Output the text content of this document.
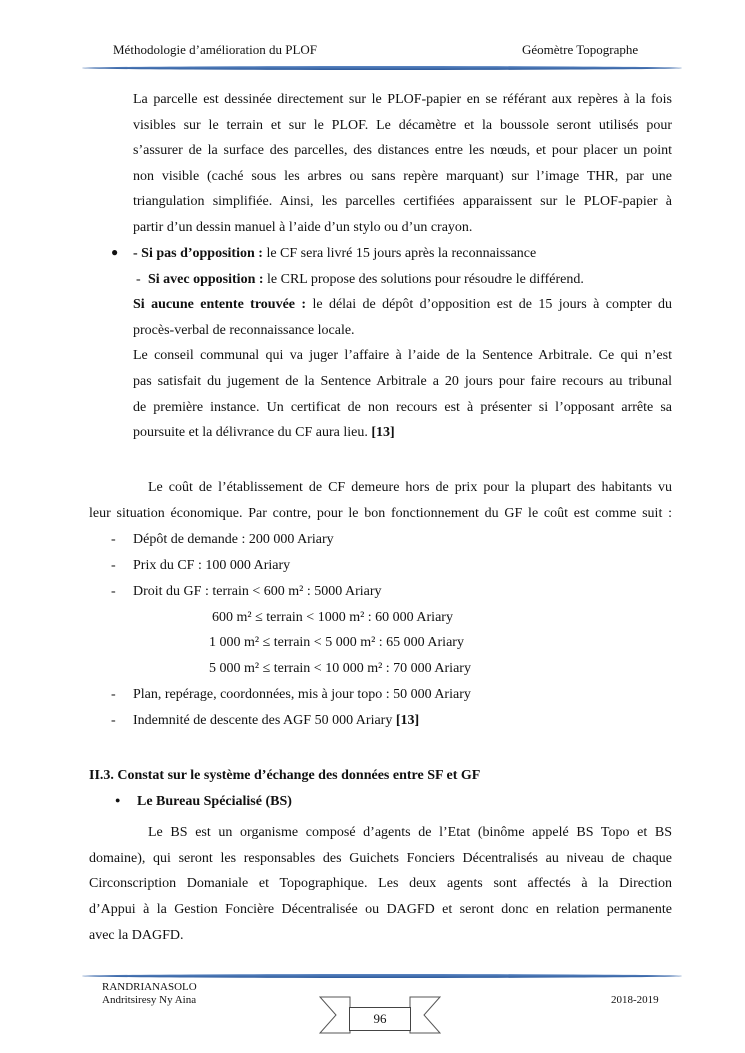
Méthodologie d’amélioration du PLOF	Géomètre Topographe
La parcelle est dessinée directement sur le PLOF-papier en se référant aux repères à la fois
visibles sur le terrain et sur le PLOF. Le décamètre et la boussole seront utilisés pour
s’assurer de la surface des parcelles, des distances entre les nœuds, et pour placer un point
non visible (caché sous les arbres ou sans repère marquant) sur l’image THR, par une
triangulation simplifiée. Ainsi, les parcelles certifiées apparaissent sur le PLOF-papier à
partir d’un dessin manuel à l’aide d’un stylo ou d’un crayon.
● - Si pas d’opposition : le CF sera livré 15 jours après la reconnaissance
- Si avec opposition : le CRL propose des solutions pour résoudre le différend.
Si aucune entente trouvée : le délai de dépôt d’opposition est de 15 jours à compter du
procès-verbal de reconnaissance locale.
Le conseil communal qui va juger l’affaire à l’aide de la Sentence Arbitrale. Ce qui n’est
pas satisfait du jugement de la Sentence Arbitrale a 20 jours pour faire recours au tribunal
de première instance. Un certificat de non recours est à présenter si l’opposant arrête sa
poursuite et la délivrance du CF aura lieu. [13]
Le coût de l’établissement de CF demeure hors de prix pour la plupart des habitants vu
leur situation économique. Par contre, pour le bon fonctionnement du GF le coût est comme suit :
- Dépôt de demande : 200 000 Ariary
- Prix du CF : 100 000 Ariary
- Droit du GF : terrain < 600 m² : 5000 Ariary
600 m² ≤ terrain < 1000 m² : 60 000 Ariary
1 000 m² ≤ terrain < 5 000 m² : 65 000 Ariary
5 000 m² ≤ terrain < 10 000 m² : 70 000 Ariary
- Plan, repérage, coordonnées, mis à jour topo : 50 000 Ariary
- Indemnité de descente des AGF 50 000 Ariary [13]
II.3. Constat sur le système d’échange des données entre SF et GF
● Le Bureau Spécialisé (BS)
Le BS est un organisme composé d’agents de l’Etat (binôme appelé BS Topo et BS
domaine), qui seront les responsables des Guichets Fonciers Décentralisés au niveau de chaque
Circonscription Domaniale et Topographique. Les deux agents sont affectés à la Direction
d’Appui à la Gestion Foncière Décentralisée ou DAGFD et seront donc en relation permanente
avec la DAGFD.
RANDRIANASOLO
Andritsiresy Ny Aina	2018-2019
96
